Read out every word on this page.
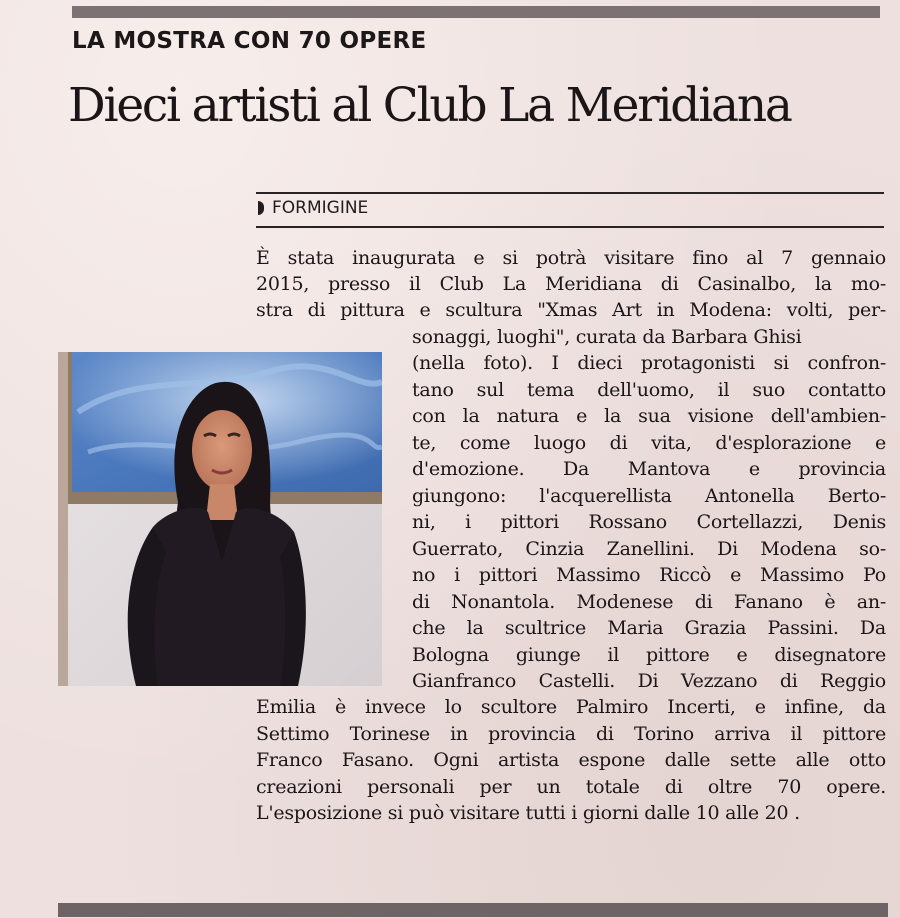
LA MOSTRA CON 70 OPERE
Dieci artisti al Club La Meridiana
FORMIGINE
È stata inaugurata e si potrà visitare fino al 7 gennaio
2015, presso il Club La Meridiana di Casinalbo, la mo-
stra di pittura e scultura "Xmas Art in Modena: volti, per-
sonaggi, luoghi", curata da Barbara Ghisi
(nella foto). I dieci protagonisti si confron-
tano sul tema dell'uomo, il suo contatto
con la natura e la sua visione dell'ambien-
te, come luogo di vita, d'esplorazione e
d'emozione. Da Mantova e provincia
giungono: l'acquerellista Antonella Berto-
ni, i pittori Rossano Cortellazzi, Denis
Guerrato, Cinzia Zanellini. Di Modena so-
no i pittori Massimo Riccò e Massimo Po
di Nonantola. Modenese di Fanano è an-
che la scultrice Maria Grazia Passini. Da
Bologna giunge il pittore e disegnatore
Gianfranco Castelli. Di Vezzano di Reggio
Emilia è invece lo scultore Palmiro Incerti, e infine, da
Settimo Torinese in provincia di Torino arriva il pittore
Franco Fasano. Ogni artista espone dalle sette alle otto
creazioni personali per un totale di oltre 70 opere.
L'esposizione si può visitare tutti i giorni dalle 10 alle 20 .
